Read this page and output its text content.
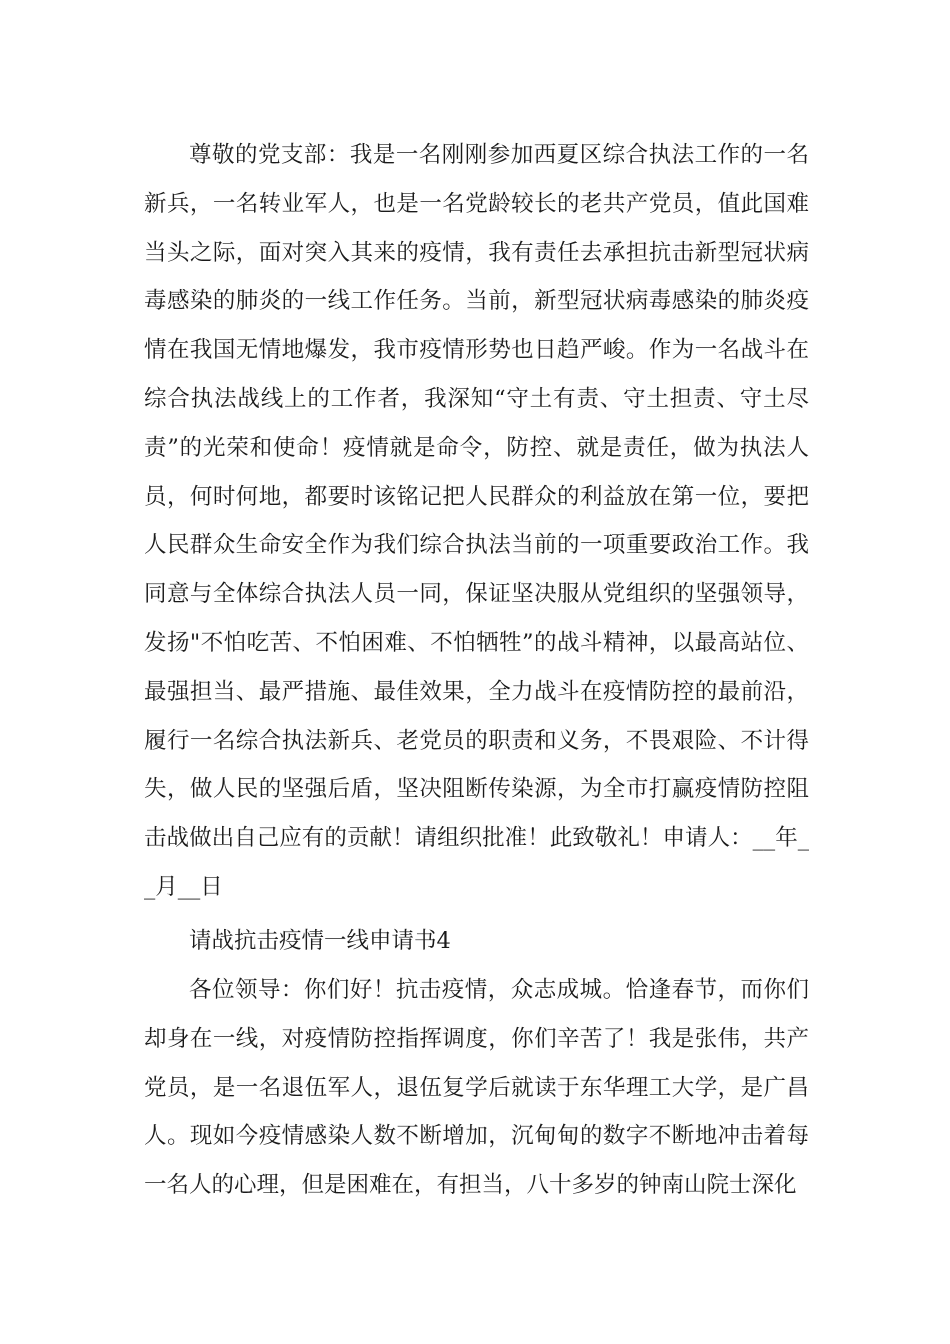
尊敬的党支部：我是一名刚刚参加西夏区综合执法工作的一名新兵，一名转业军人，也是一名党龄较长的老共产党员，值此国难当头之际，面对突入其来的疫情，我有责任去承担抗击新型冠状病毒感染的肺炎的一线工作任务。当前，新型冠状病毒感染的肺炎疫情在我国无情地爆发，我市疫情形势也日趋严峻。作为一名战斗在综合执法战线上的工作者，我深知“守土有责、守土担责、守土尽责”的光荣和使命！疫情就是命令，防控、就是责任，做为执法人员，何时何地，都要时该铭记把人民群众的利益放在第一位，要把人民群众生命安全作为我们综合执法当前的一项重要政治工作。我同意与全体综合执法人员一同，保证坚决服从党组织的坚强领导，发扬"不怕吃苦、不怕困难、不怕牺牲”的战斗精神，以最高站位、最强担当、最严措施、最佳效果，全力战斗在疫情防控的最前沿，履行一名综合执法新兵、老党员的职责和义务，不畏艰险、不计得失，做人民的坚强后盾，坚决阻断传染源，为全市打赢疫情防控阻击战做出自己应有的贡献！请组织批准！此致敬礼！申请人：__年__月__日

请战抗击疫情一线申请书4

各位领导：你们好！抗击疫情，众志成城。恰逢春节，而你们却身在一线，对疫情防控指挥调度，你们辛苦了！我是张伟，共产党员，是一名退伍军人，退伍复学后就读于东华理工大学，是广昌人。现如今疫情感染人数不断增加，沉甸甸的数字不断地冲击着每一名人的心理，但是困难在，有担当，八十多岁的钟南山院士深化
